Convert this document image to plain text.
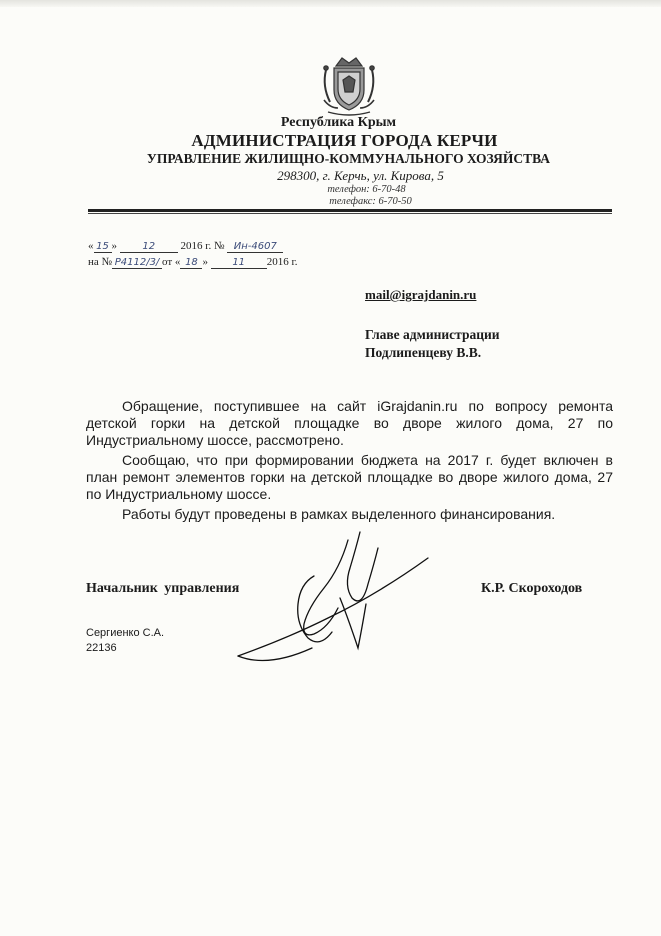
Республика Крым
АДМИНИСТРАЦИЯ ГОРОДА КЕРЧИ
УПРАВЛЕНИЕ ЖИЛИЩНО-КОММУНАЛЬНОГО ХОЗЯЙСТВА
298300, г. Керчь, ул. Кирова, 5
телефон: 6-70-48
телефакс: 6-70-50
« 15 »	12 2016 г. № Ин-4607
на № Р4112/3/ от « 18 » 11 2016 г.
mail@igrajdanin.ru
Главе администрации
Подлипенцеву В.В.

Обращение, поступившее на сайт iGrajdanin.ru по вопросу ремонта детской горки на детской площадке во дворе жилого дома, 27 по Индустриальному шоссе, рассмотрено.

Сообщаю, что при формировании бюджета на 2017 г. будет включен в план ремонт элементов горки на детской площадке во дворе жилого дома, 27 по Индустриальному шоссе.

Работы будут проведены в рамках выделенного финансирования.

Начальник управления	К.Р. Скороходов
Сергиенко С.А.
22136
